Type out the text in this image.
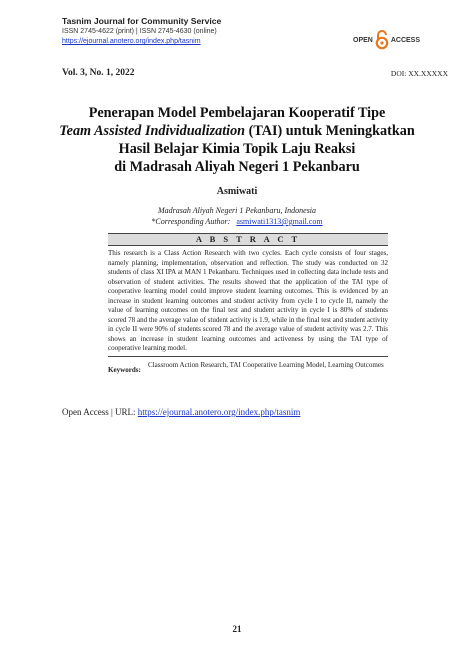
Tasnim Journal for Community Service
ISSN 2745-4622 (print) | ISSN 2745-4630 (online)
https://ejournal.anotero.org/index.php/tasnim	OPEN	ACCESS
Vol. 3, No. 1, 2022	DOI: XX.XXXXX
Penerapan Model Pembelajaran Kooperatif Tipe
Team Assisted Individualization (TAI) untuk Meningkatkan
Hasil Belajar Kimia Topik Laju Reaksi
di Madrasah Aliyah Negeri 1 Pekanbaru
Asmiwati
Madrasah Aliyah Negeri 1 Pekanbaru, Indonesia
*Corresponding Author: asmiwati1313@gmail.com
A B S T R A C T
This research is a Class Action Research with two cycles. Each cycle consists of four stages, namely planning, implementation, observation and reflection. The study was conducted on 32 students of class XI IPA at MAN 1 Pekanbaru. Techniques used in collecting data include tests and observation of student activities. The results showed that the application of the TAI type of cooperative learning model could improve student learning outcomes. This is evidenced by an increase in student learning outcomes and student activity from cycle I to cycle II, namely the value of learning outcomes on the final test and student activity in cycle I is 80% of students scored 78 and the average value of student activity is 1.9, while in the final test and student activity in cycle II were 90% of students scored 78 and the average value of student activity was 2.7. This shows an increase in student learning outcomes and activeness by using the TAI type of cooperative learning model.
Keywords:
Classroom Action Research, TAI Cooperative Learning Model, Learning Outcomes
Open Access | URL: https://ejournal.anotero.org/index.php/tasnim
21
